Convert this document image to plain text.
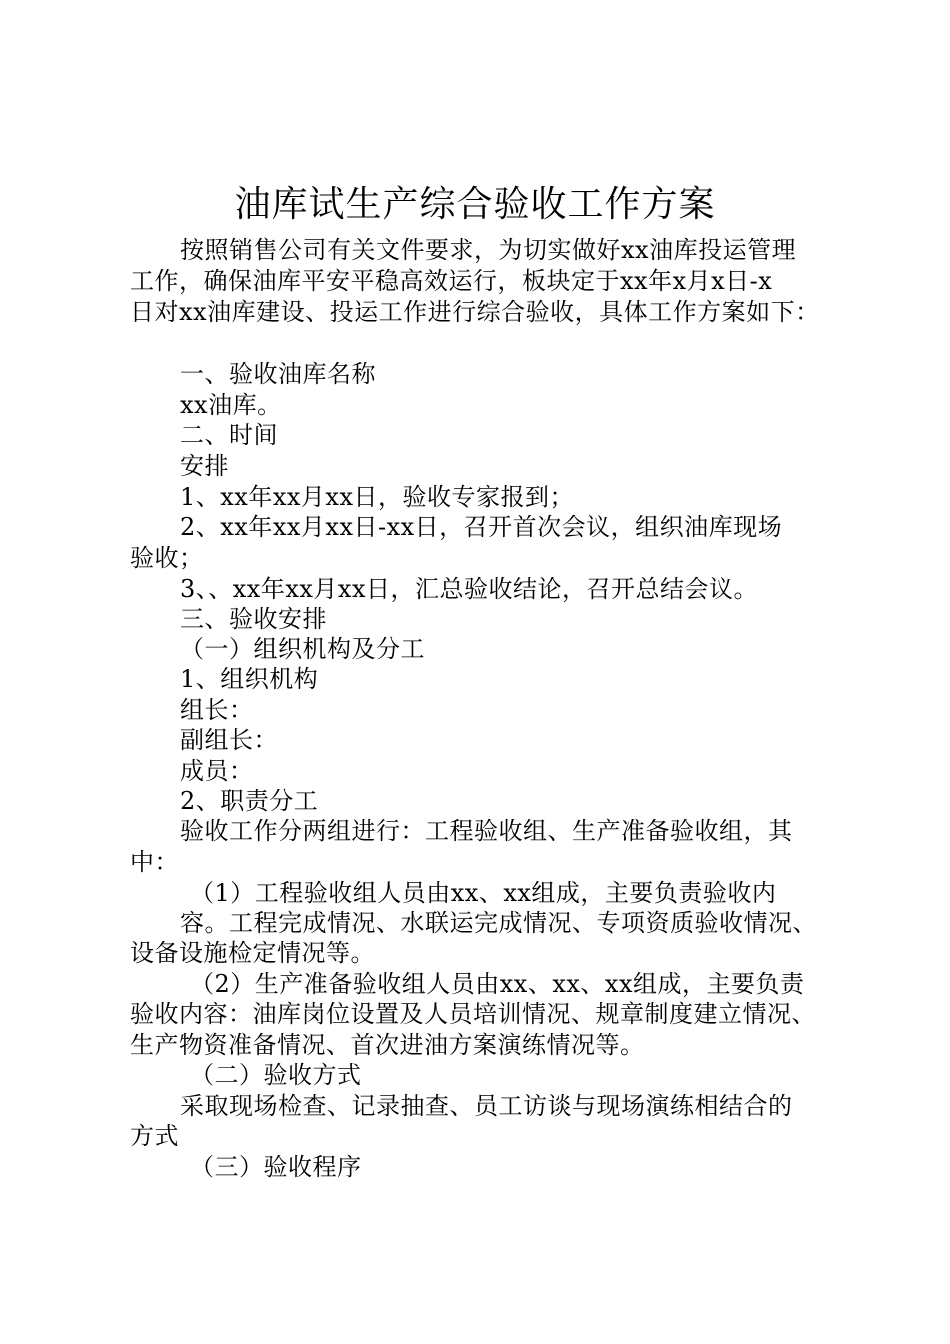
油库试生产综合验收工作方案
按照销售公司有关文件要求，为切实做好xx油库投运管理
工作，确保油库平安平稳高效运行，板块定于xx年x月x日-x
日对xx油库建设、投运工作进行综合验收，具体工作方案如下：
一、验收油库名称
xx油库。
二、时间
安排
1、xx年xx月xx日，验收专家报到；
2、xx年xx月xx日-xx日，召开首次会议，组织油库现场
验收；
3、、xx年xx月xx日，汇总验收结论，召开总结会议。
三、验收安排
（一）组织机构及分工
1、组织机构
组长：
副组长：
成员：
2、职责分工
验收工作分两组进行：工程验收组、生产准备验收组，其
中：
（1）工程验收组人员由xx、xx组成，主要负责验收内
容。工程完成情况、水联运完成情况、专项资质验收情况、
设备设施检定情况等。
（2）生产准备验收组人员由xx、xx、xx组成，主要负责
验收内容：油库岗位设置及人员培训情况、规章制度建立情况、
生产物资准备情况、首次进油方案演练情况等。
（二）验收方式
采取现场检查、记录抽查、员工访谈与现场演练相结合的
方式
（三）验收程序
